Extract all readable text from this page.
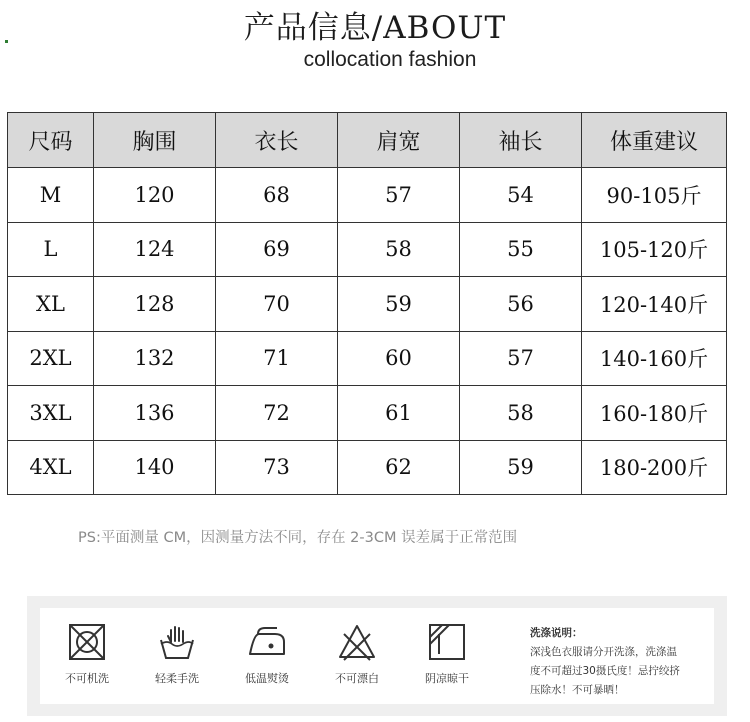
产品信息/ABOUT
collocation fashion
尺码	胸围	衣长	肩宽	袖长	体重建议
M	120	68	57	54	90-105斤
L	124	69	58	55	105-120斤
XL	128	70	59	56	120-140斤
2XL	132	71	60	57	140-160斤
3XL	136	72	61	58	160-180斤
4XL	140	73	62	59	180-200斤
PS:平面测量 CM，因测量方法不同，存在 2-3CM 误差属于正常范围
不可机洗	轻柔手洗	低温熨烫	不可漂白	阴凉晾干
洗涤说明：
深浅色衣服请分开洗涤，洗涤温
度不可超过30摄氏度！忌拧绞挤
压除水！不可暴晒！
